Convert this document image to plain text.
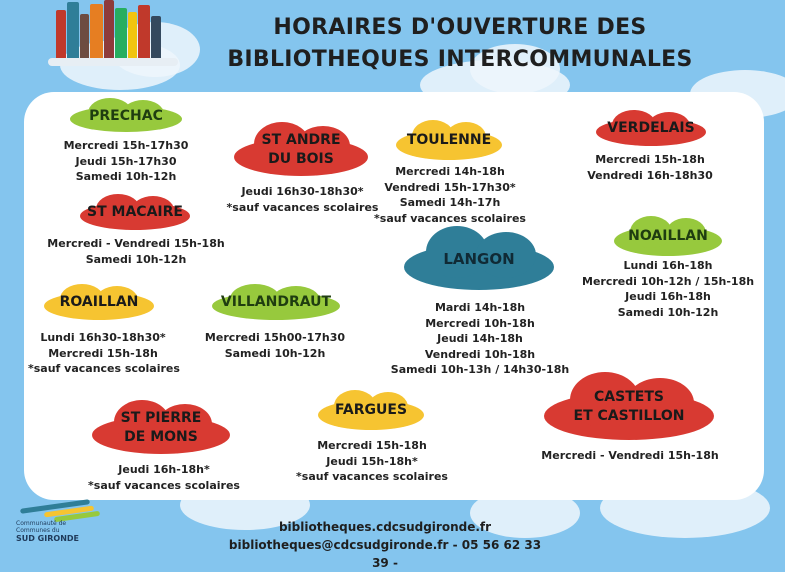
HORAIRES D'OUVERTURE DES
BIBLIOTHEQUES INTERCOMMUNALES
PRECHAC
Mercredi 15h-17h30
Jeudi 15h-17h30
Samedi 10h-12h
ST ANDRE
DU BOIS
Jeudi 16h30-18h30*
*sauf vacances scolaires
TOULENNE
Mercredi 14h-18h
Vendredi 15h-17h30*
Samedi 14h-17h
*sauf vacances scolaires
VERDELAIS
Mercredi 15h-18h
Vendredi 16h-18h30
ST MACAIRE
Mercredi - Vendredi 15h-18h
Samedi 10h-12h	LANGON
Mardi 14h-18h
Mercredi 10h-18h
Jeudi 14h-18h
Vendredi 10h-18h
Samedi 10h-13h / 14h30-18h
NOAILLAN
Lundi 16h-18h
Mercredi 10h-12h / 15h-18h
Jeudi 16h-18h
Samedi 10h-12h
ROAILLAN
Lundi 16h30-18h30*
Mercredi 15h-18h
*sauf vacances scolaires
VILLANDRAUT
Mercredi 15h00-17h30
Samedi 10h-12h
ST PIERRE
DE MONS
Jeudi 16h-18h*
*sauf vacances scolaires
FARGUES
Mercredi 15h-18h
Jeudi 15h-18h*
*sauf vacances scolaires
CASTETS
ET CASTILLON
Mercredi - Vendredi 15h-18h
Communauté de
Communes du
SUD GIRONDE
bibliotheques.cdcsudgironde.fr
bibliotheques@cdcsudgironde.fr - 05 56 62 33 39 -
